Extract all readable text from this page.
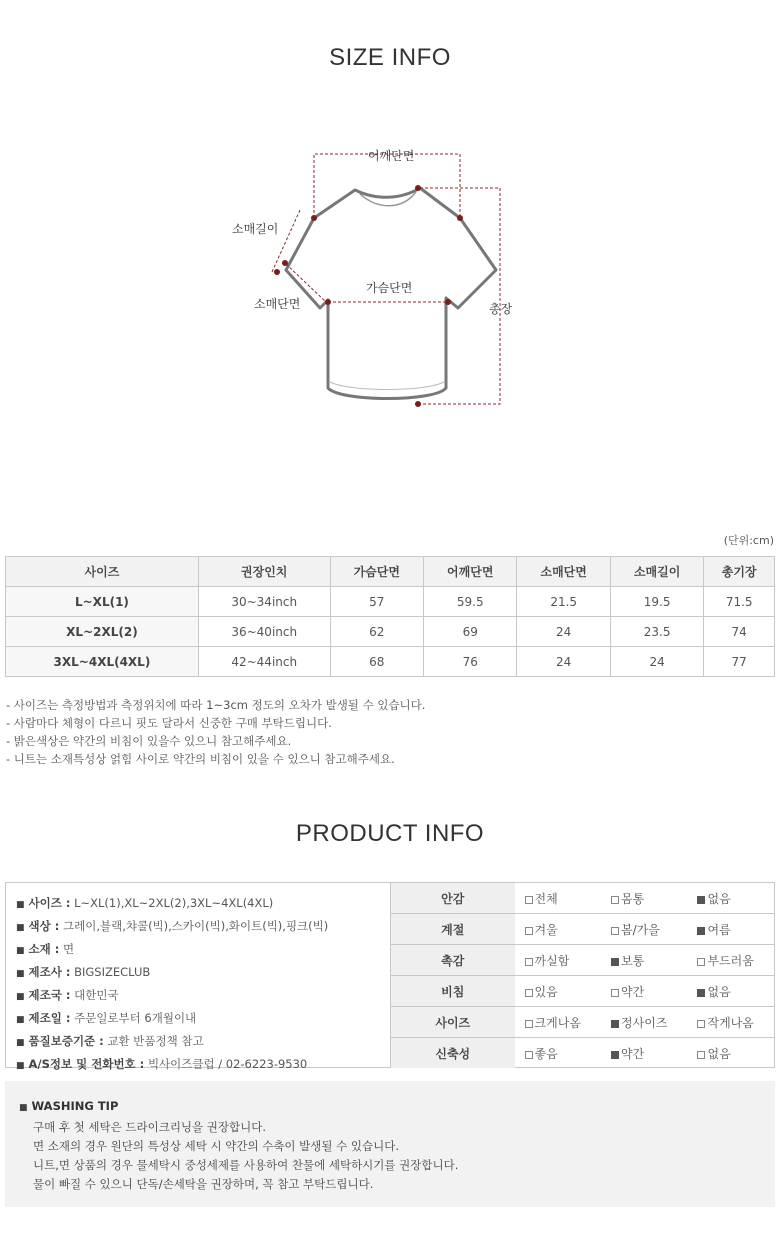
SIZE INFO
어깨단면
소매길이
소매단면
가슴단면
총장
(단위:cm)
사이즈	권장인치	가슴단면	어깨단면	소매단면	소매길이	총기장
L~XL(1)	30~34inch	57	59.5	21.5	19.5	71.5
XL~2XL(2)	36~40inch	62	69	24	23.5	74
3XL~4XL(4XL)	42~44inch	68	76	24	24	77
- 사이즈는 측정방법과 측정위치에 따라 1~3cm 정도의 오차가 발생될 수 있습니다.
- 사람마다 체형이 다르니 핏도 달라서 신중한 구매 부탁드립니다.
- 밝은색상은 약간의 비침이 있을수 있으니 참고해주세요.
- 니트는 소재특성상 얽힘 사이로 약간의 비침이 있을 수 있으니 참고해주세요.
PRODUCT INFO
■ 사이즈 : L~XL(1),XL~2XL(2),3XL~4XL(4XL)
■ 색상 : 그레이,블랙,챠콜(빅),스카이(빅),화이트(빅),핑크(빅)
■ 소재 : 면
■ 제조사 : BIGSIZECLUB
■ 제조국 : 대한민국
■ 제조일 : 주문일로부터 6개월이내
■ 품질보증기준 : 교환 반품정책 참고
■ A/S정보 및 전화번호 : 빅사이즈클럽 / 02-6223-9530
안감	전체	몸통	없음
계절	겨울	봄/가을	여름
촉감	까실함	보통	부드러움
비침	있음	약간	없음
사이즈	크게나옴	정사이즈	작게나옴
신축성	좋음	약간	없음
■ WASHING TIP
구매 후 첫 세탁은 드라이크리닝을 권장합니다.
면 소재의 경우 원단의 특성상 세탁 시 약간의 수축이 발생될 수 있습니다.
니트,면 상품의 경우 물세탁시 중성세제를 사용하여 찬물에 세탁하시기를 권장합니다.
물이 빠질 수 있으니 단독/손세탁을 권장하며, 꼭 참고 부탁드립니다.
